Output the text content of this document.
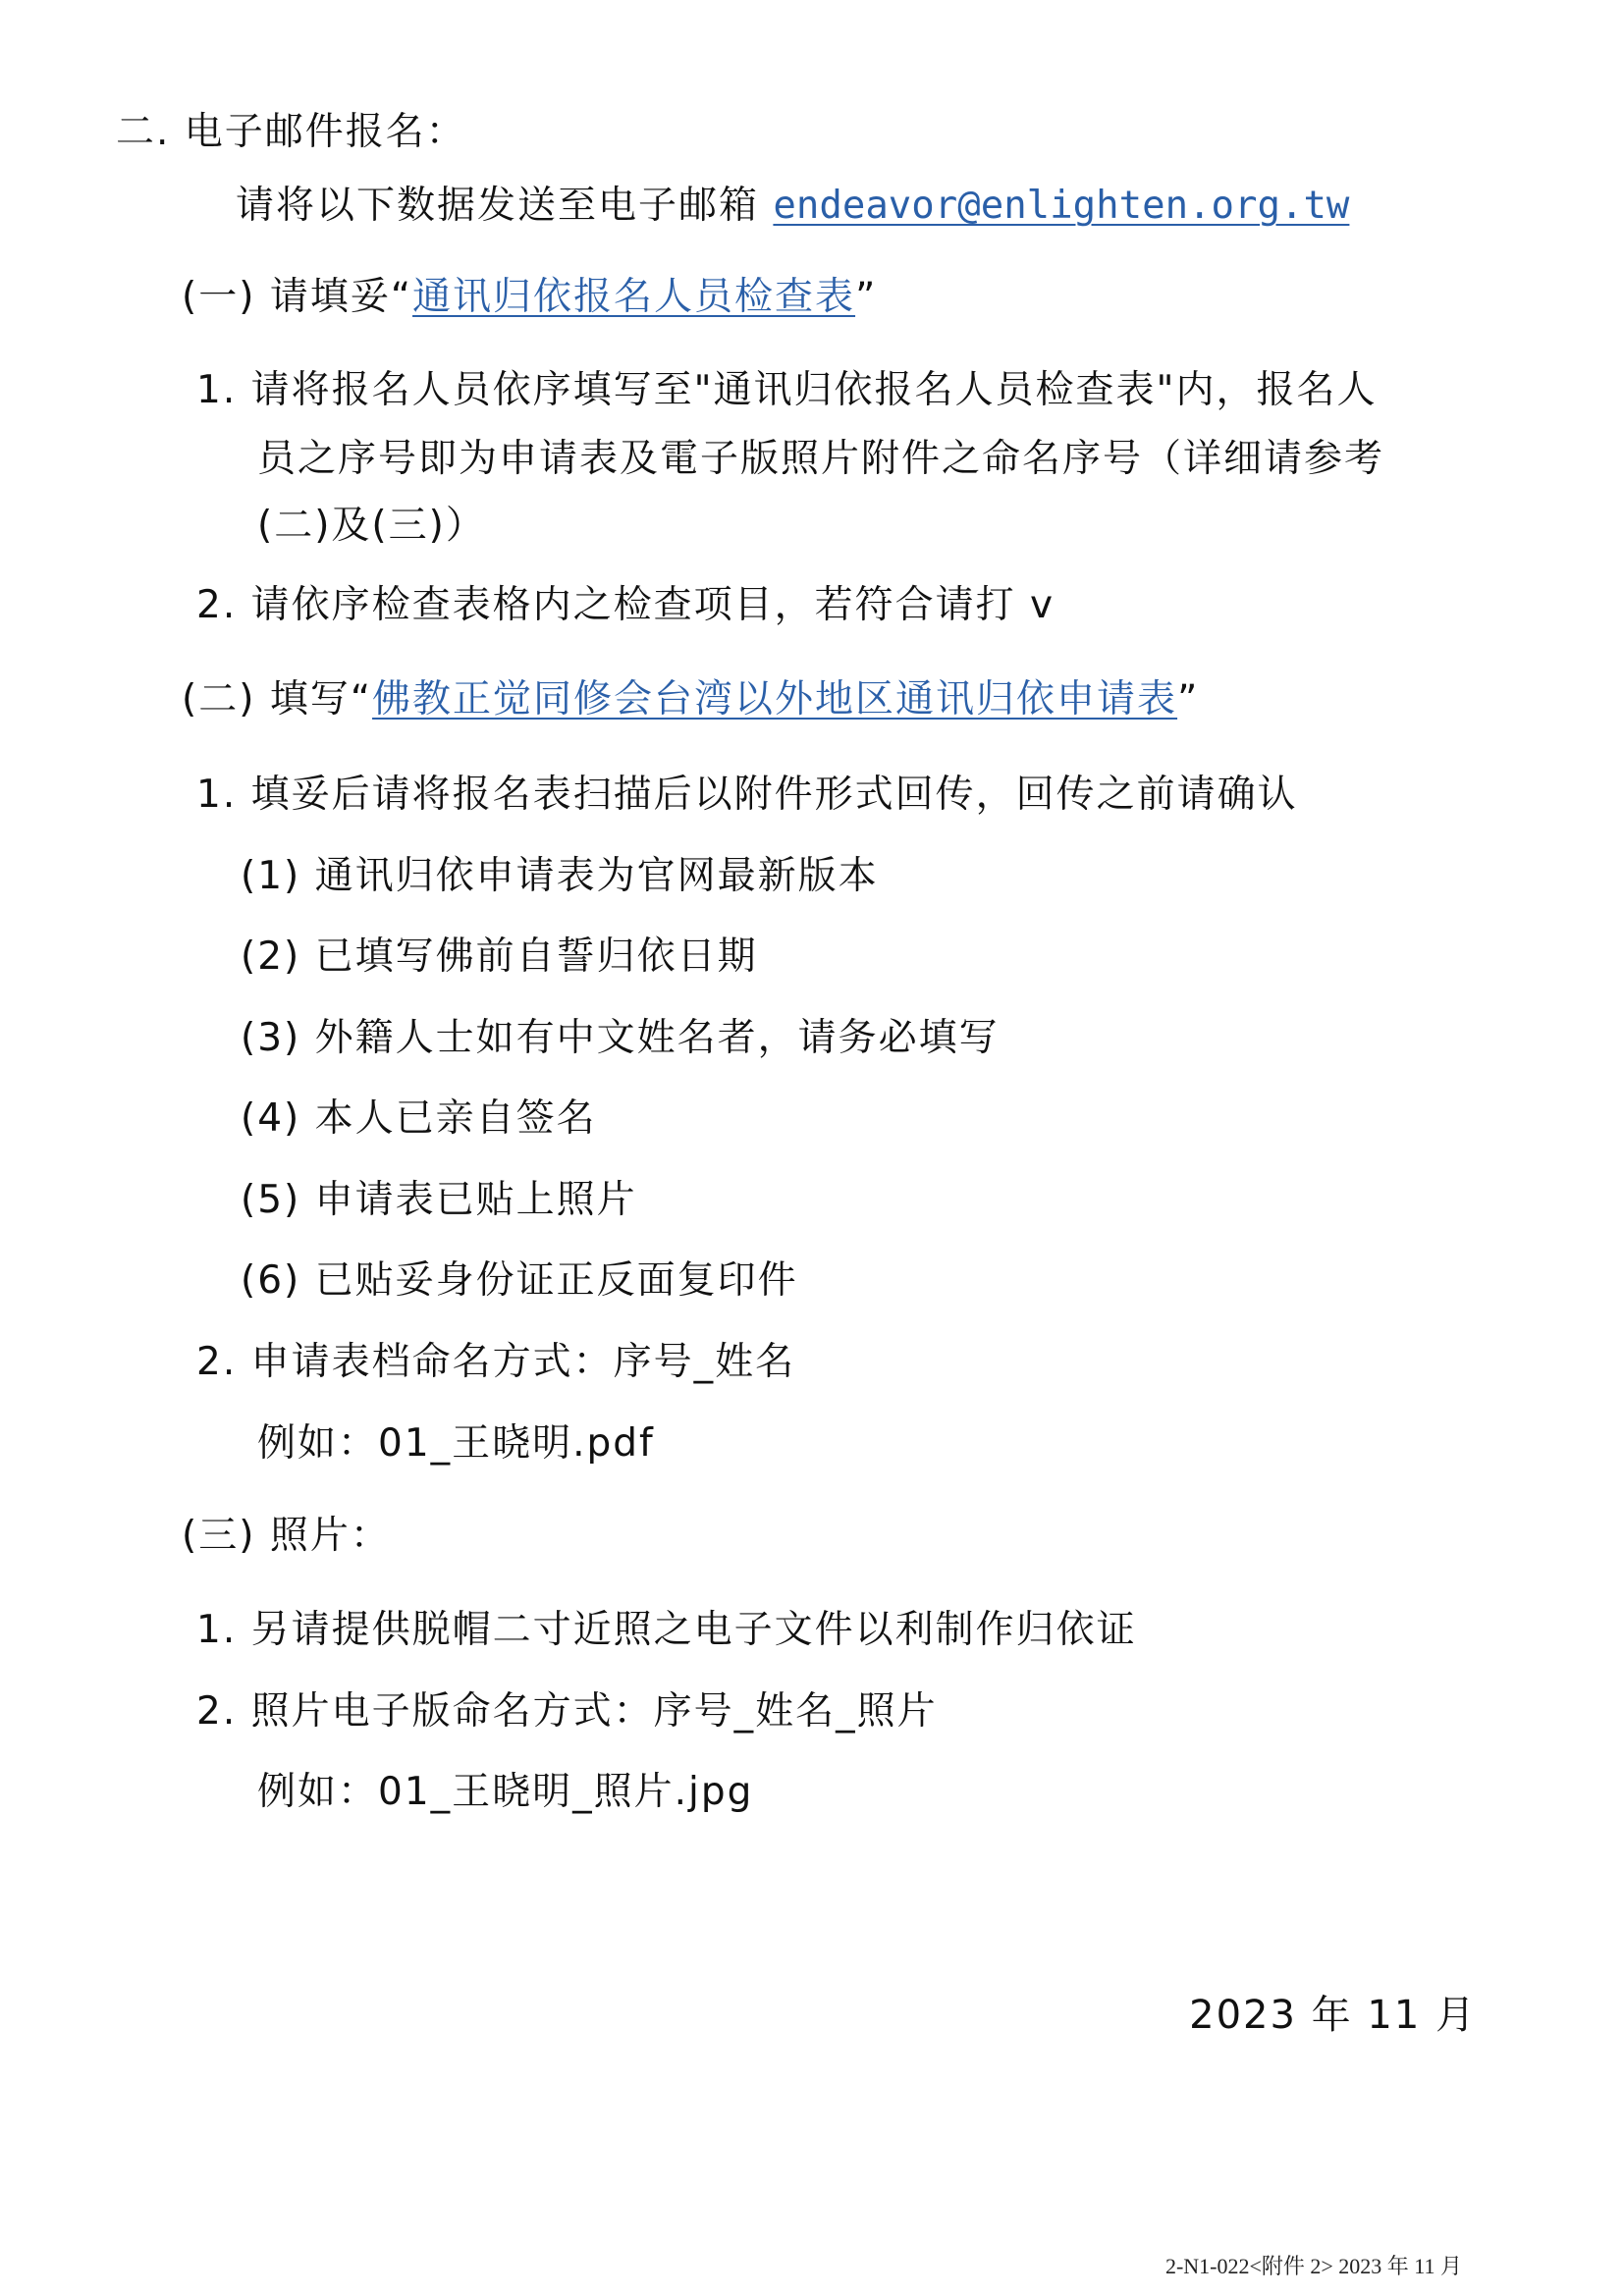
二. 电子邮件报名：
请将以下数据发送至电子邮箱 endeavor@enlighten.org.tw
(一) 请填妥“通讯归依报名人员检查表”
1. 请将报名人员依序填写至"通讯归依报名人员检查表"内，报名人
员之序号即为申请表及電子版照片附件之命名序号（详细请参考
(二)及(三)）
2. 请依序检查表格内之检查项目，若符合请打 v
(二) 填写“佛教正觉同修会台湾以外地区通讯归依申请表”
1. 填妥后请将报名表扫描后以附件形式回传，回传之前请确认
(1) 通讯归依申请表为官网最新版本
(2) 已填写佛前自誓归依日期
(3) 外籍人士如有中文姓名者，请务必填写
(4) 本人已亲自签名
(5) 申请表已贴上照片
(6) 已贴妥身份证正反面复印件
2. 申请表档命名方式：序号_姓名
例如：01_王晓明.pdf
(三) 照片：
1. 另请提供脱帽二寸近照之电子文件以利制作归依证
2. 照片电子版命名方式：序号_姓名_照片
例如：01_王晓明_照片.jpg
2023 年 11 月
2-N1-022<附件 2> 2023 年 11 月
